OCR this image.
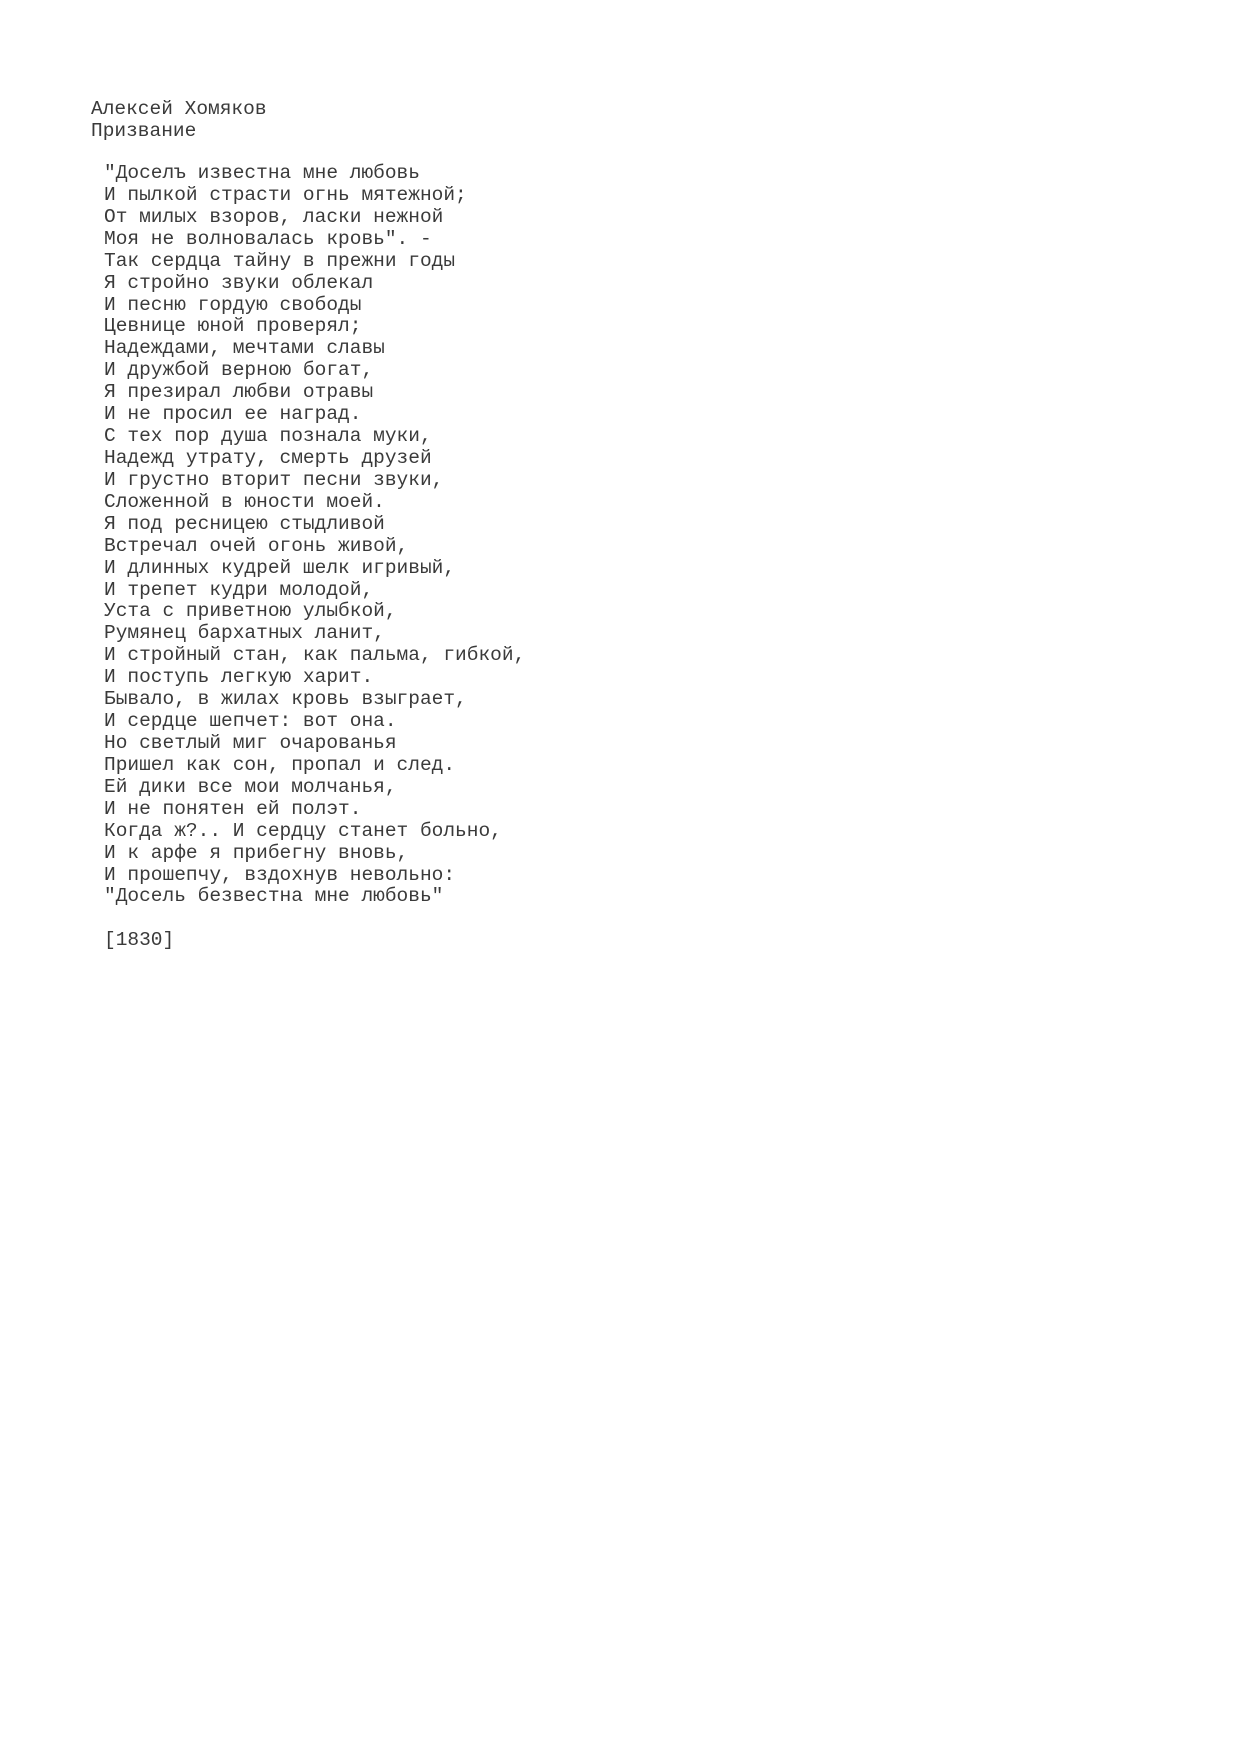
Алексей Хомяков
Призвание
"Доселъ известна мне любовь
И пылкой страсти огнь мятежной;
От милых взоров, ласки нежной
Моя не волновалась кровь". -
Так сердца тайну в прежни годы
Я стройно звуки облекал
И песню гордую свободы
Цевнице юной проверял;
Надеждами, мечтами славы
И дружбой верною богат,
Я презирал любви отравы
И не просил ее наград.
С тех пор душа познала муки,
Надежд утрату, смерть друзей
И грустно вторит песни звуки,
Сложенной в юности моей.
Я под ресницею стыдливой
Встречал очей огонь живой,
И длинных кудрей шелк игривый,
И трепет кудри молодой,
Уста с приветною улыбкой,
Румянец бархатных ланит,
И стройный стан, как пальма, гибкой,
И поступь легкую харит.
Бывало, в жилах кровь взыграет,
И сердце шепчет: вот она.
Но светлый миг очарованья
Пришел как сон, пропал и след.
Ей дики все мои молчанья,
И не понятен ей полэт.
Когда ж?.. И сердцу станет больно,
И к арфе я прибегну вновь,
И прошепчу, вздохнув невольно:
"Досель безвестна мне любовь"
[1830]
